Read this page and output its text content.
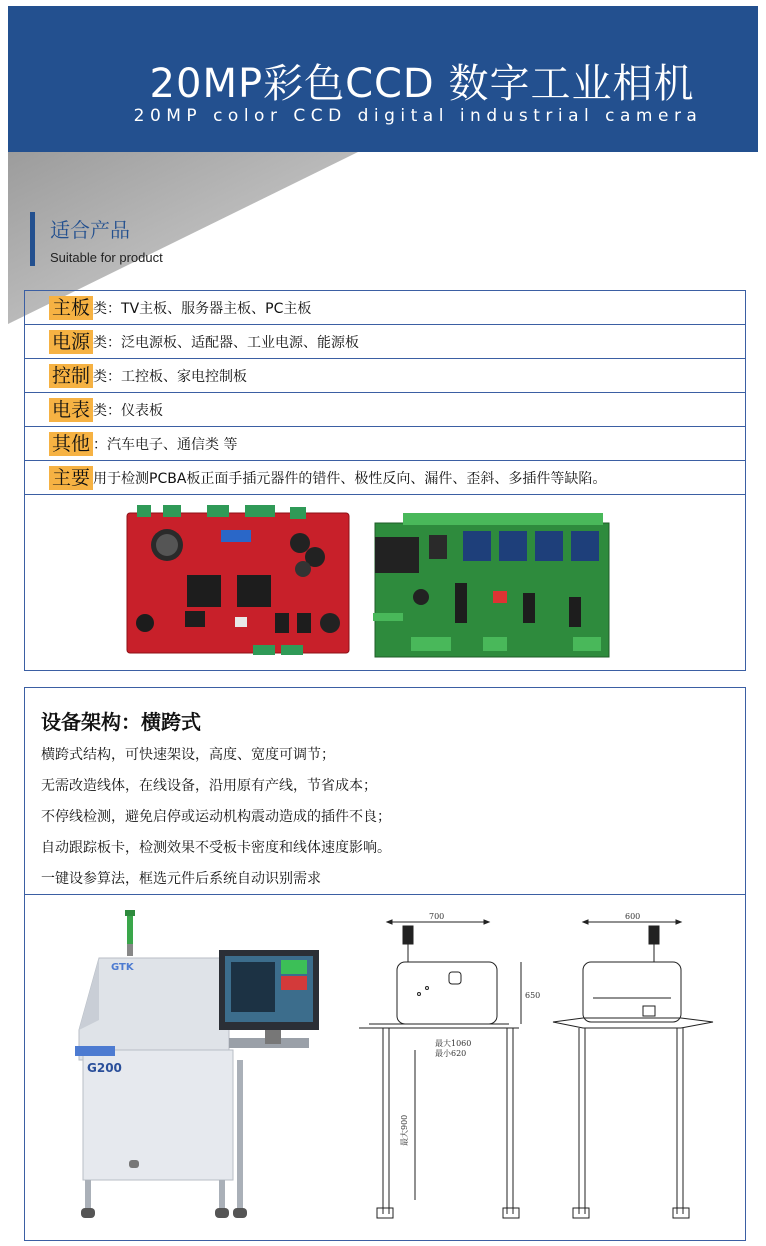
20MP彩色CCD 数字工业相机
20MP color CCD digital industrial camera
适合产品
Suitable for product
主板 类：TV主板、服务器主板、PC主板
电源 类：泛电源板、适配器、工业电源、能源板
控制 类：工控板、家电控制板
电表 类：仪表板
其他 ：汽车电子、通信类 等
主要 用于检测PCBA板正面手插元器件的错件、极性反向、漏件、歪斜、多插件等缺陷。
设备架构：横跨式
横跨式结构，可快速架设，高度、宽度可调节；
无需改造线体，在线设备，沿用原有产线，节省成本；
不停线检测，避免启停或运动机构震动造成的插件不良；
自动跟踪板卡，检测效果不受板卡密度和线体速度影响。
一键设参算法，框选元件后系统自动识别需求
GTK
G200
700
650
最大1060
最小620
最大900
600
